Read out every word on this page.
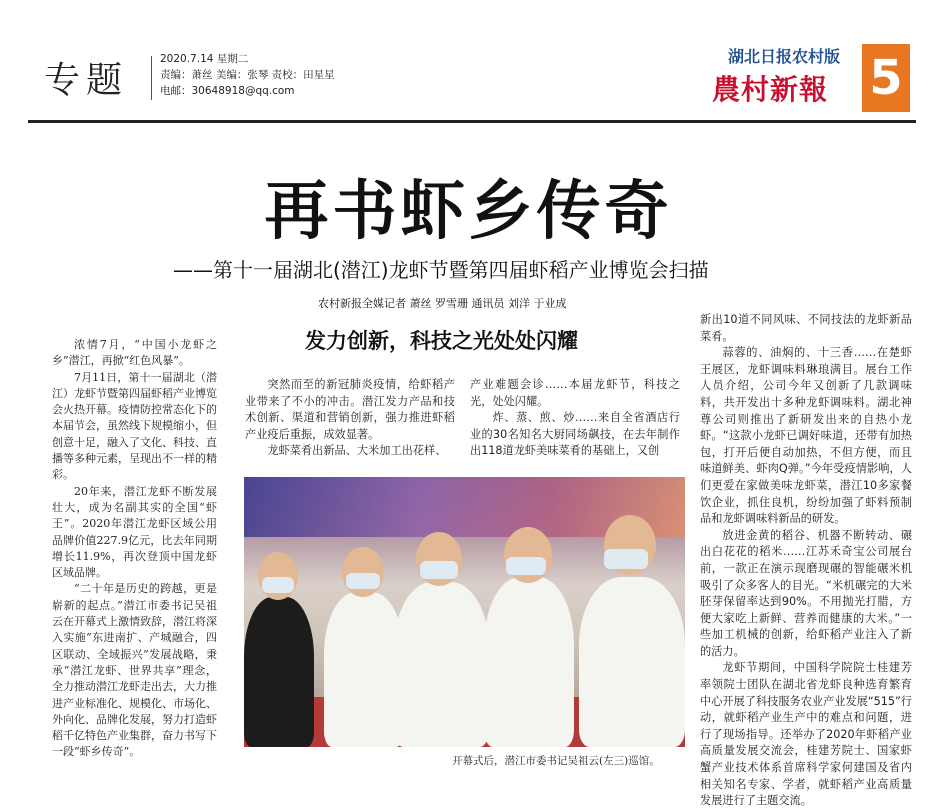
专题
2020.7.14 星期二
责编：萧丝 美编：张琴 责校：田星星
电邮：30648918@qq.com
湖北日报农村版
農村新報 5
再书虾乡传奇
——第十一届湖北(潜江)龙虾节暨第四届虾稻产业博览会扫描
农村新报全媒记者 萧丝 罗雪珊 通讯员 刘洋 于业成
发力创新，科技之光处处闪耀

浓情7月，“中国小龙虾之乡”潜江，再掀“红色风暴”。

7月11日，第十一届湖北（潜江）龙虾节暨第四届虾稻产业博览会火热开幕。疫情防控常态化下的本届节会，虽然线下规模缩小，但创意十足，融入了文化、科技、直播等多种元素，呈现出不一样的精彩。

20年来，潜江龙虾不断发展壮大，成为名副其实的全国“虾王”。2020年潜江龙虾区域公用品牌价值227.9亿元，比去年同期增长11.9%，再次登顶中国龙虾区域品牌。

“二十年是历史的跨越，更是崭新的起点。”潜江市委书记吴祖云在开幕式上激情致辞，潜江将深入实施“东进南扩、产城融合，四区联动、全域振兴”发展战略，秉承“潜江龙虾、世界共享”理念，全力推动潜江龙虾走出去，大力推进产业标准化、规模化、市场化、外向化、品牌化发展，努力打造虾稻千亿特色产业集群，奋力书写下一段“虾乡传奇”。

突然而至的新冠肺炎疫情，给虾稻产业带来了不小的冲击。潜江发力产品和技术创新、渠道和营销创新，强力推进虾稻产业疫后重振，成效显著。

龙虾菜肴出新品、大米加工出花样、

产业难题会诊……本届龙虾节，科技之光，处处闪耀。

炸、蒸、煎、炒……来自全省酒店行业的30名知名大厨同场飙技，在去年制作出118道龙虾美味菜肴的基础上，又创

新出10道不同风味、不同技法的龙虾新品菜肴。

蒜蓉的、油焖的、十三香……在楚虾王展区，龙虾调味料琳琅满目。展台工作人员介绍，公司今年又创新了几款调味料，共开发出十多种龙虾调味料。湖北神尊公司则推出了新研发出来的自热小龙虾。“这款小龙虾已调好味道，还带有加热包，打开后便自动加热，不但方便，而且味道鲜美、虾肉Q弹。”今年受疫情影响，人们更爱在家做美味龙虾菜，潜江10多家餐饮企业，抓住良机，纷纷加强了虾料预制品和龙虾调味料新品的研发。

放进金黄的稻谷、机器不断转动、碾出白花花的稻米……江苏禾奇宝公司展台前，一款正在演示现磨现碾的智能碾米机吸引了众多客人的目光。“米机碾完的大米胚芽保留率达到90%。不用抛光打腊，方便大家吃上新鲜、营养而健康的大米。”一些加工机械的创新，给虾稻产业注入了新的活力。

龙虾节期间，中国科学院院士桂建芳率领院士团队在湖北省龙虾良种选育繁育中心开展了科技服务农业产业发展“515”行动，就虾稻产业生产中的难点和问题，进行了现场指导。还举办了2020年虾稻产业高质量发展交流会，桂建芳院士、国家虾蟹产业技术体系首席科学家何建国及省内相关知名专家、学者，就虾稻产业高质量发展进行了主题交流。

开幕式后，潜江市委书记吴祖云(左三)巡馆。
